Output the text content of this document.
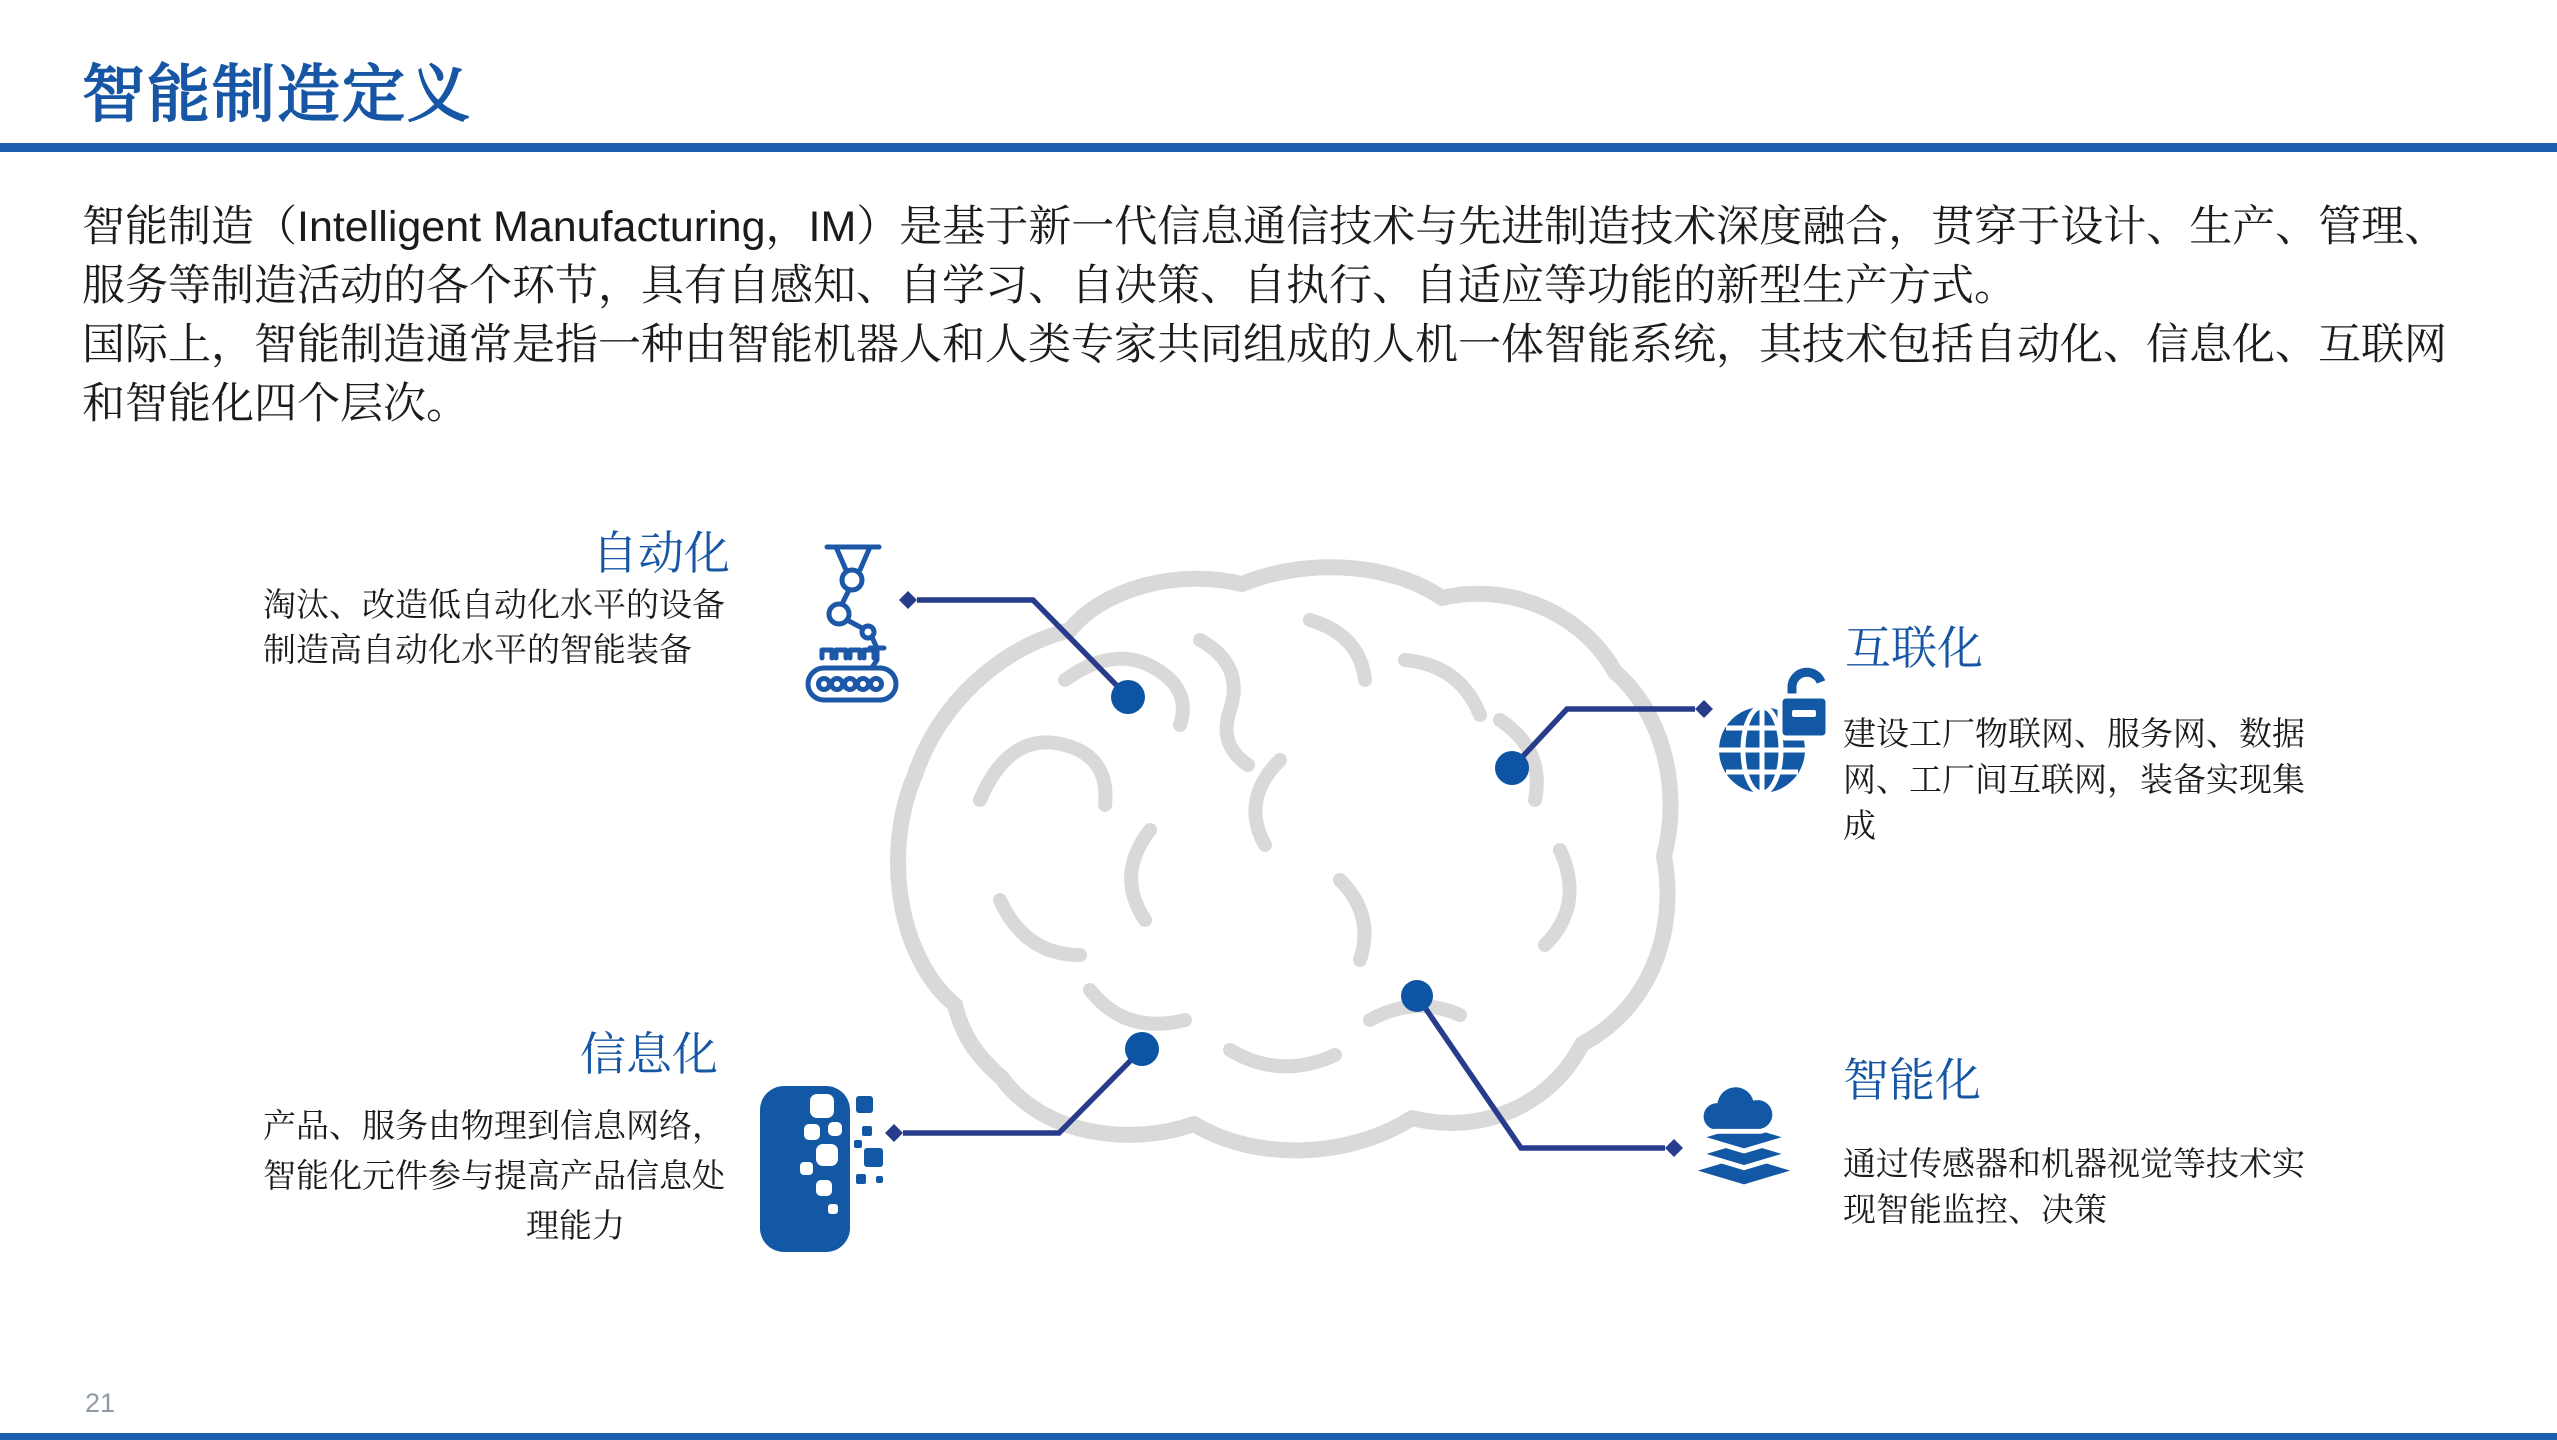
智能制造定义
智能制造（Intelligent Manufacturing，IM）是基于新一代信息通信技术与先进制造技术深度融合，贯穿于设计、生产、管理、
服务等制造活动的各个环节，具有自感知、自学习、自决策、自执行、自适应等功能的新型生产方式。
国际上，智能制造通常是指一种由智能机器人和人类专家共同组成的人机一体智能系统，其技术包括自动化、信息化、互联网
和智能化四个层次。
自动化
淘汰、改造低自动化水平的设备
制造高自动化水平的智能装备	互联化
建设工厂物联网、服务网、数据
网、工厂间互联网，装备实现集
成
信息化
产品、服务由物理到信息网络，
智能化元件参与提高产品信息处
理能力
智能化
通过传感器和机器视觉等技术实
现智能监控、决策
21
